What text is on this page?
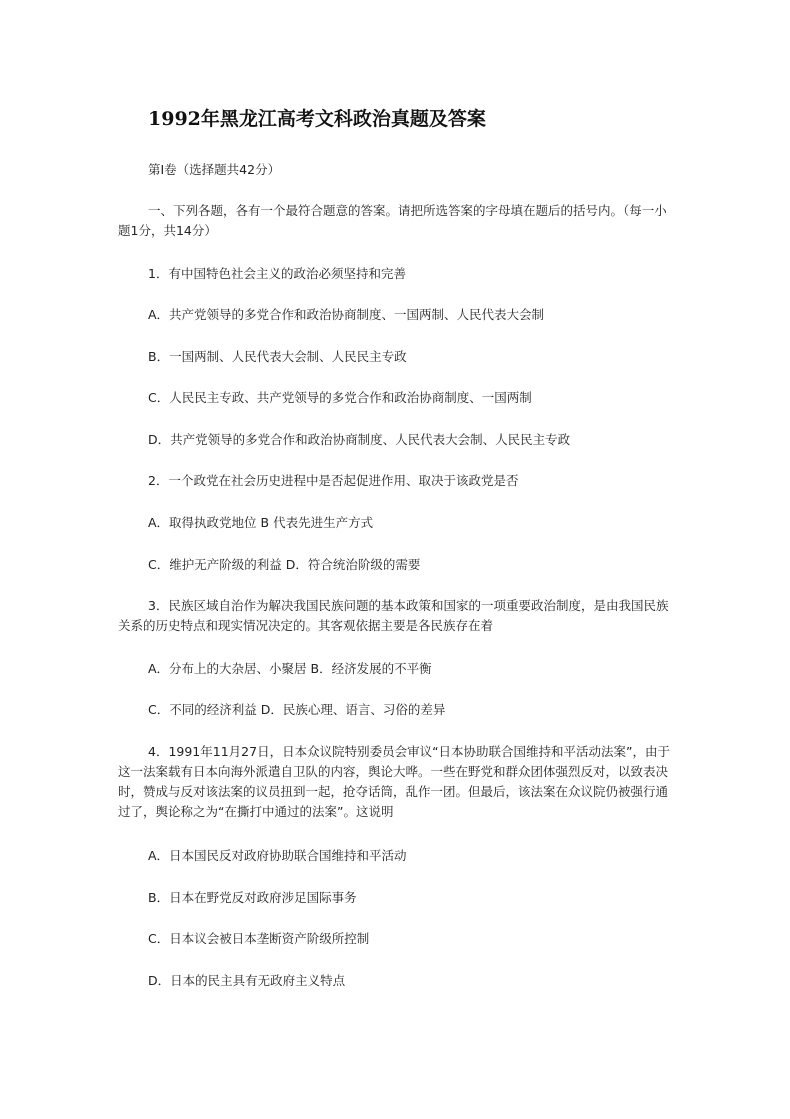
1992年黑龙江高考文科政治真题及答案
第Ⅰ卷（选择题共42分）
一、下列各题，各有一个最符合题意的答案。请把所选答案的字母填在题后的括号内。（每一小题1分，共14分）
1．有中国特色社会主义的政治必须坚持和完善
A．共产党领导的多党合作和政治协商制度、一国两制、人民代表大会制
B．一国两制、人民代表大会制、人民民主专政
C．人民民主专政、共产党领导的多党合作和政治协商制度、一国两制
D．共产党领导的多党合作和政治协商制度、人民代表大会制、人民民主专政
2．一个政党在社会历史进程中是否起促进作用、取决于该政党是否
A．取得执政党地位 B 代表先进生产方式
C．维护无产阶级的利益 D．符合统治阶级的需要
3．民族区域自治作为解决我国民族问题的基本政策和国家的一项重要政治制度，是由我国民族关系的历史特点和现实情况决定的。其客观依据主要是各民族存在着
A．分布上的大杂居、小聚居 B．经济发展的不平衡
C．不同的经济利益 D．民族心理、语言、习俗的差异
4．1991年11月27日，日本众议院特别委员会审议“日本协助联合国维持和平活动法案”，由于这一法案载有日本向海外派遣自卫队的内容，舆论大哗。一些在野党和群众团体强烈反对，以致表决时，赞成与反对该法案的议员扭到一起，抢夺话筒，乱作一团。但最后，该法案在众议院仍被强行通过了，舆论称之为“在撕打中通过的法案”。这说明
A．日本国民反对政府协助联合国维持和平活动
B．日本在野党反对政府涉足国际事务
C．日本议会被日本垄断资产阶级所控制
D．日本的民主具有无政府主义特点
